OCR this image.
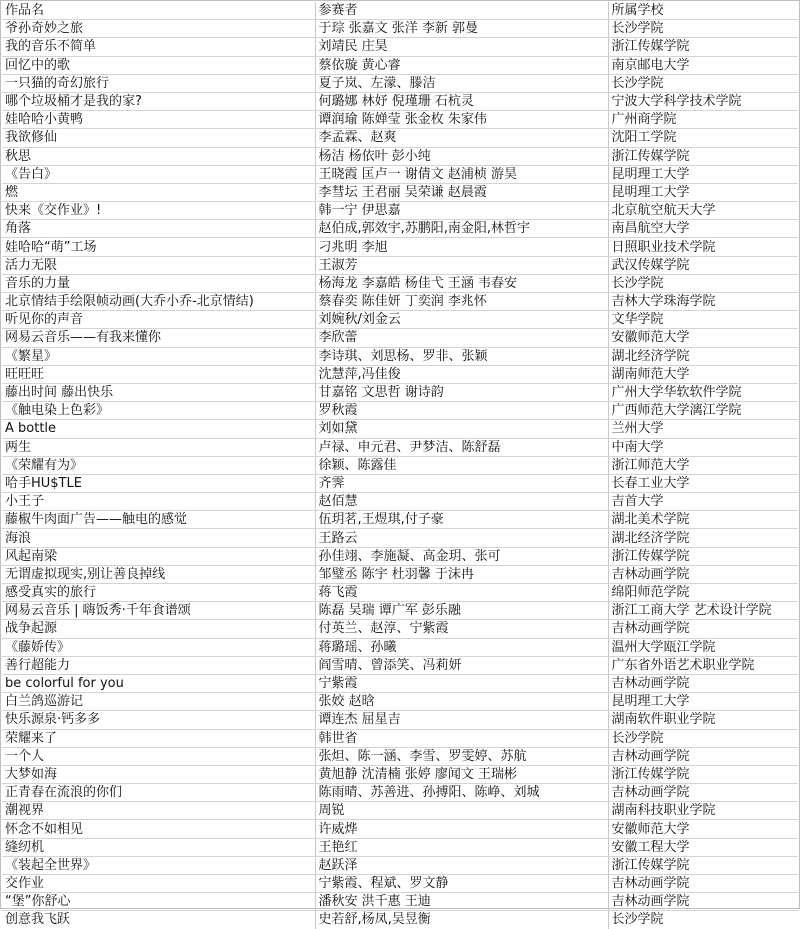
作品名	参赛者	所属学校
爷孙奇妙之旅	于琮 张嘉文 张洋 李新 郭曼	长沙学院
我的音乐不简单	刘靖民 庄昊	浙江传媒学院
回忆中的歌	蔡依璇 黄心睿	南京邮电大学
一只猫的奇幻旅行	夏子岚、左濛、滕洁	长沙学院
哪个垃圾桶才是我的家?	何璐娜 林妤 倪瑾珊 石杭灵	宁波大学科学技术学院
娃哈哈小黄鸭	谭润瑜 陈婵莹 张金枚 朱家伟	广州商学院
我欲修仙	李孟霖、赵爽	沈阳工学院
秋思	杨洁 杨依叶 彭小纯	浙江传媒学院
《告白》	王晓霞 匡卢一 谢倩文 赵浦桢 游昊	昆明理工大学
燃	李彗坛 王君丽 吴荣谦 赵晨霞	昆明理工大学
快来《交作业》!	韩一宁 伊思嘉	北京航空航天大学
角落	赵伯成,郭效宇,苏鹏阳,南金阳,林哲宇	南昌航空大学
娃哈哈“萌”工场	刁兆明 李旭	日照职业技术学院
活力无限	王淑芳	武汉传媒学院
音乐的力量	杨海龙 李嘉皓 杨佳弋 王涵 韦春安	长沙学院
北京情结手绘限帧动画(大乔小乔-北京情结)	蔡春奕 陈佳妍 丁奕润 李兆怀	吉林大学珠海学院
听见你的声音	刘婉秋/刘金云	文华学院
网易云音乐——有我来懂你	李欣蕾	安徽师范大学
《繁星》	李诗琪、刘思杨、罗非、张颖	湖北经济学院
旺旺旺	沈慧萍,冯佳俊	湖南师范大学
藤出时间 藤出快乐	甘嘉铭 文思哲 谢诗韵	广州大学华软软件学院
《触电染上色彩》	罗秋霞	广西师范大学漓江学院
A bottle	刘如黛	兰州大学
两生	卢禄、申元君、尹梦洁、陈舒磊	中南大学
《荣耀有为》	徐颖、陈露佳	浙江师范大学
哈手HU$TLE	齐霁	长春工业大学
小王子	赵佰慧	吉首大学
藤椒牛肉面广告——触电的感觉	伍玥茗,王煜琪,付子豪	湖北美术学院
海浪	王路云	湖北经济学院
风起南梁	孙佳翊、李施凝、高金玥、张可	浙江传媒学院
无谓虚拟现实,别让善良掉线	邹璧丞 陈宇 杜羽馨 于沫冉	吉林动画学院
感受真实的旅行	蒋飞霞	绵阳师范学院
网易云音乐 | 嗨饭秀·千年食谱颂	陈磊 吴瑞 谭广军 彭乐融	浙江工商大学 艺术设计学院
战争起源	付英兰、赵淳、宁紫霞	吉林动画学院
《藤娇传》	蒋璐瑶、孙曦	温州大学瓯江学院
善行超能力	阎雪晴、曾添笑、冯莉妍	广东省外语艺术职业学院
be colorful for you	宁紫霞	吉林动画学院
白兰鸽巡游记	张姣 赵晗	昆明理工大学
快乐源泉·钙多多	谭连杰 屈星吉	湖南软件职业学院
荣耀来了	韩世省	长沙学院
一个人	张炟、陈一涵、李雪、罗雯婷、苏航	吉林动画学院
大梦如海	黄旭静 沈清楠 张婷 廖闻文 王瑞彬	浙江传媒学院
正青春在流浪的你们	陈雨晴、苏善进、孙搏阳、陈峥、刘城	吉林动画学院
潮视界	周锐	湖南科技职业学院
怀念不如相见	许威烨	安徽师范大学
缝纫机	王艳红	安徽工程大学
《装起全世界》	赵跃泽	浙江传媒学院
交作业	宁紫霞、程斌、罗文静	吉林动画学院
“堡”你舒心	潘秋安 洪千惠 王迪	吉林动画学院
创意我飞跃	史若舒,杨凤,吴昱衡	长沙学院
